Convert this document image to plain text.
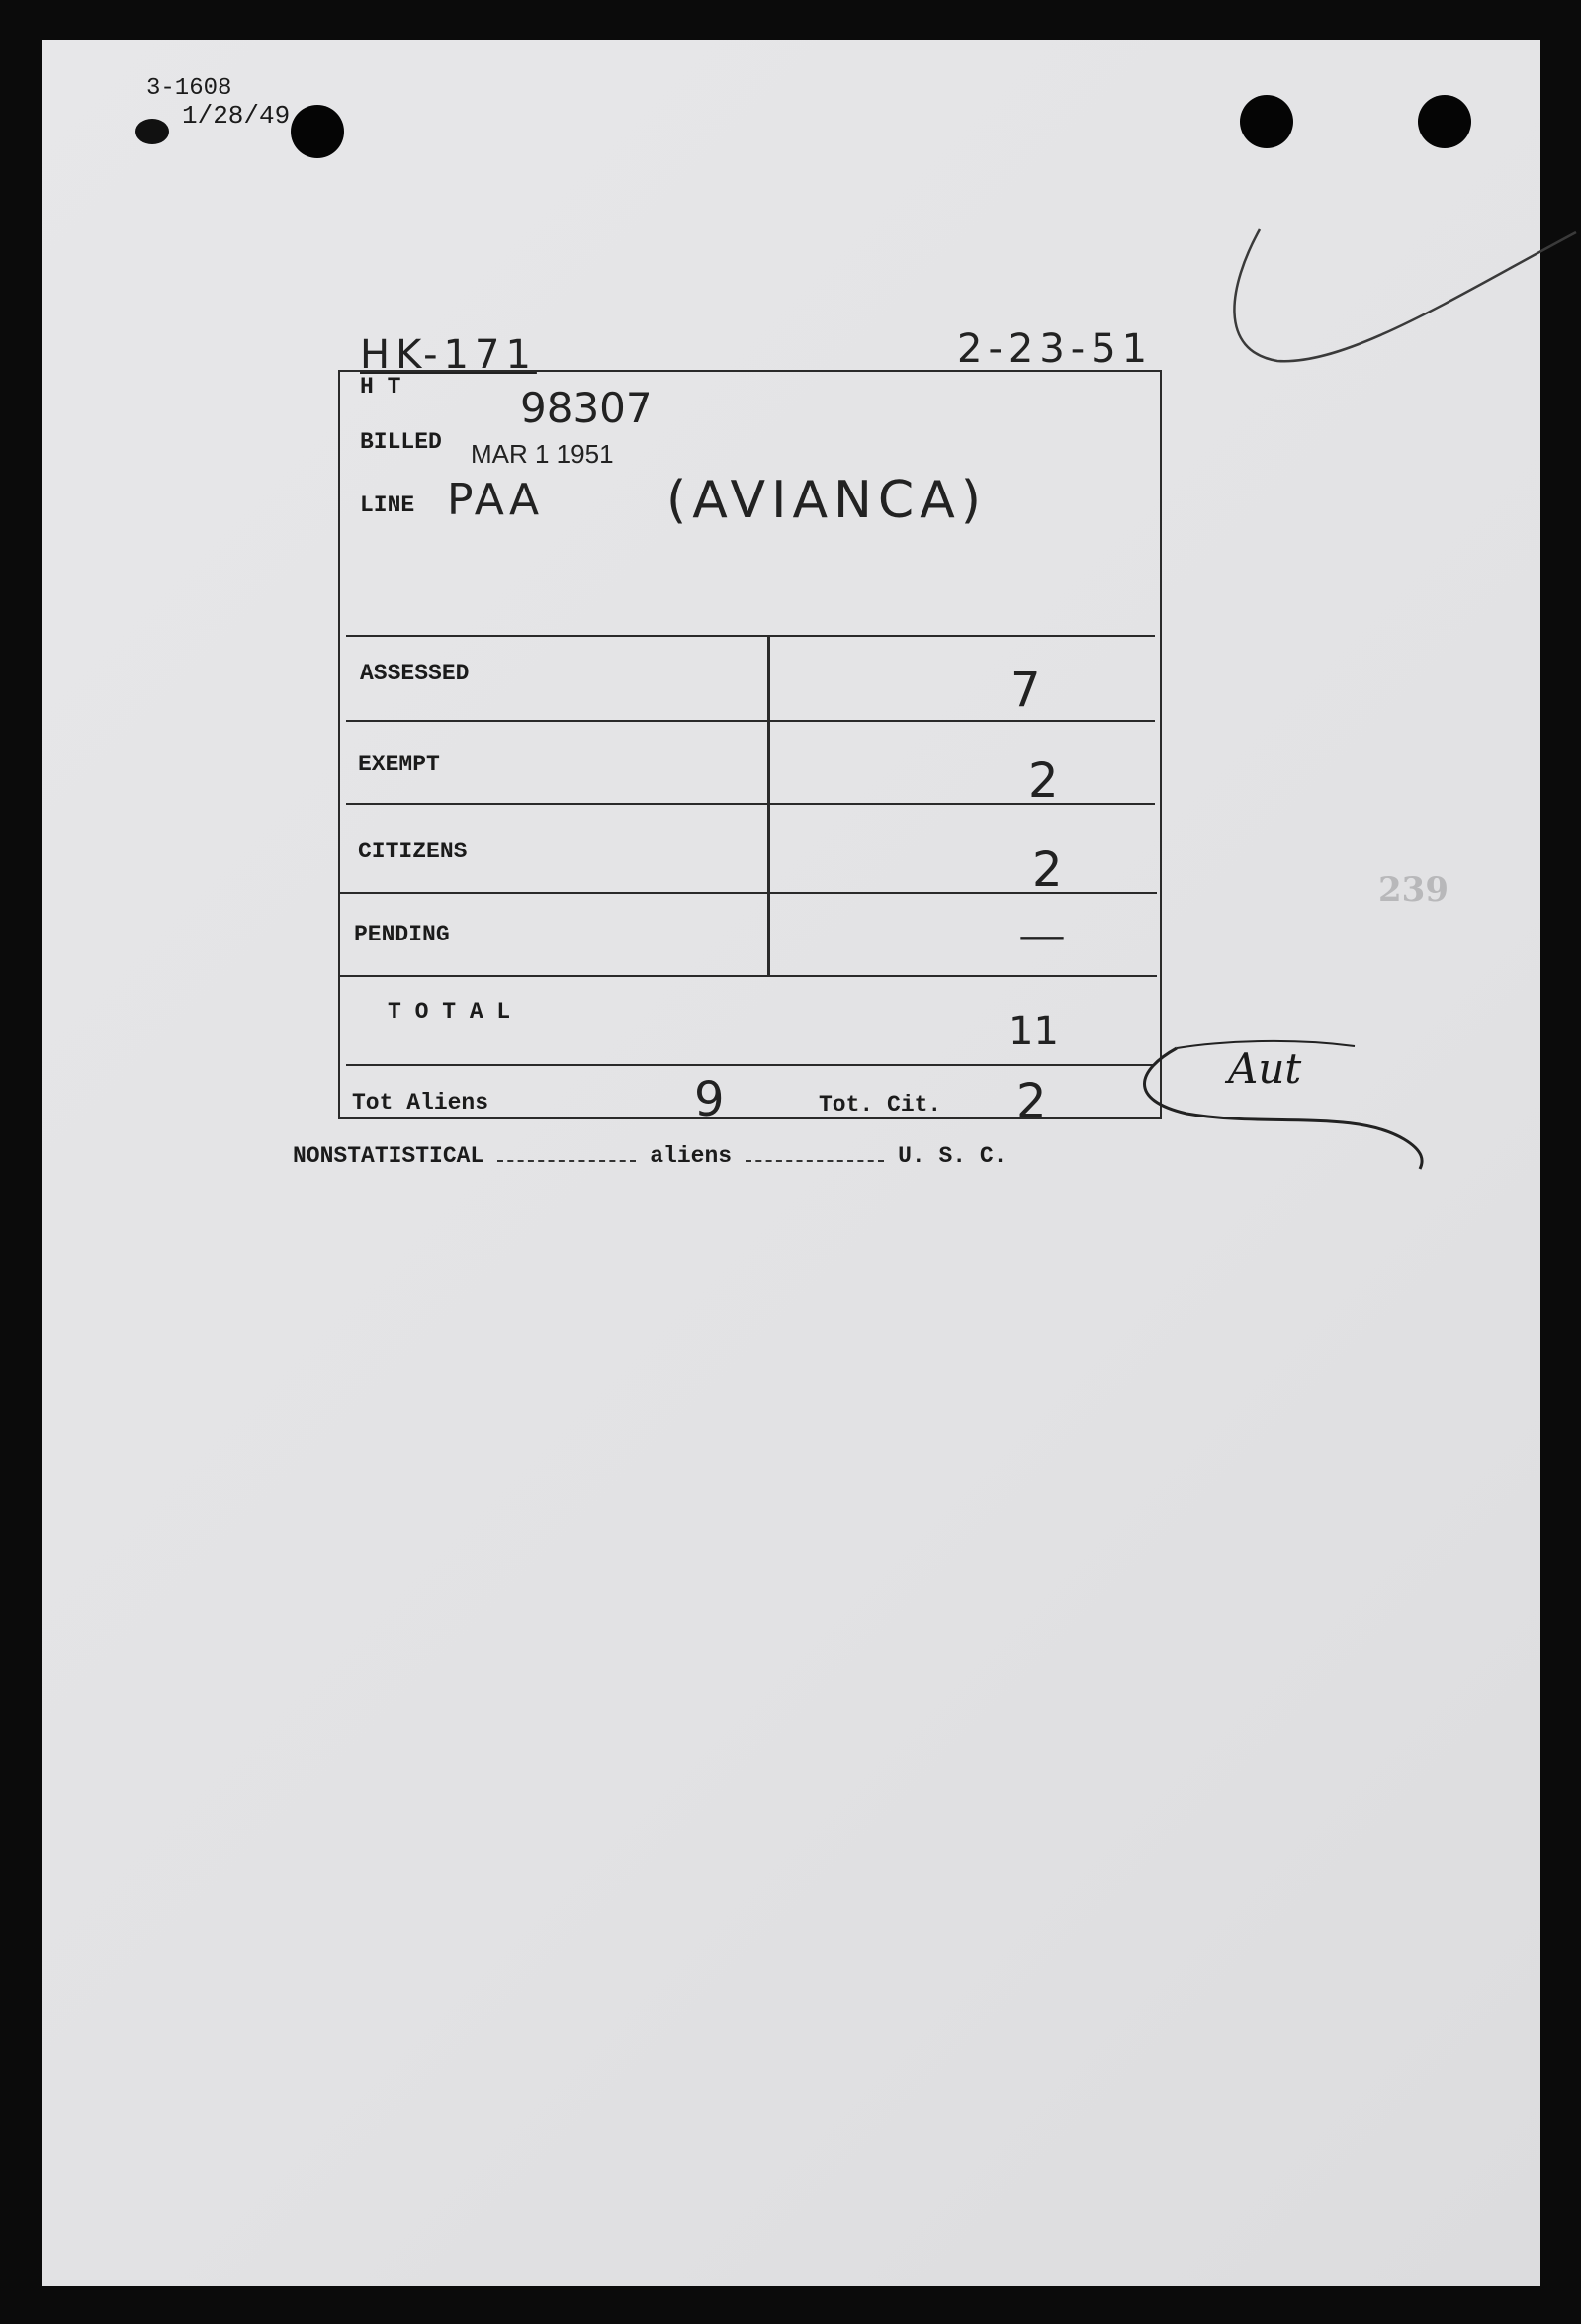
3-1608
1/28/49
HK-171	2-23-51
H T	98307
BILLED MAR 1 1951
LINE PAA (AVIANCA)
ASSESSED	7
EXEMPT	2
CITIZENS	2
PENDING	—
T O T A L	11
Tot Aliens	9	Tot. Cit. 2
NONSTATISTICAL	aliens	U. S. C.
239
Aut
